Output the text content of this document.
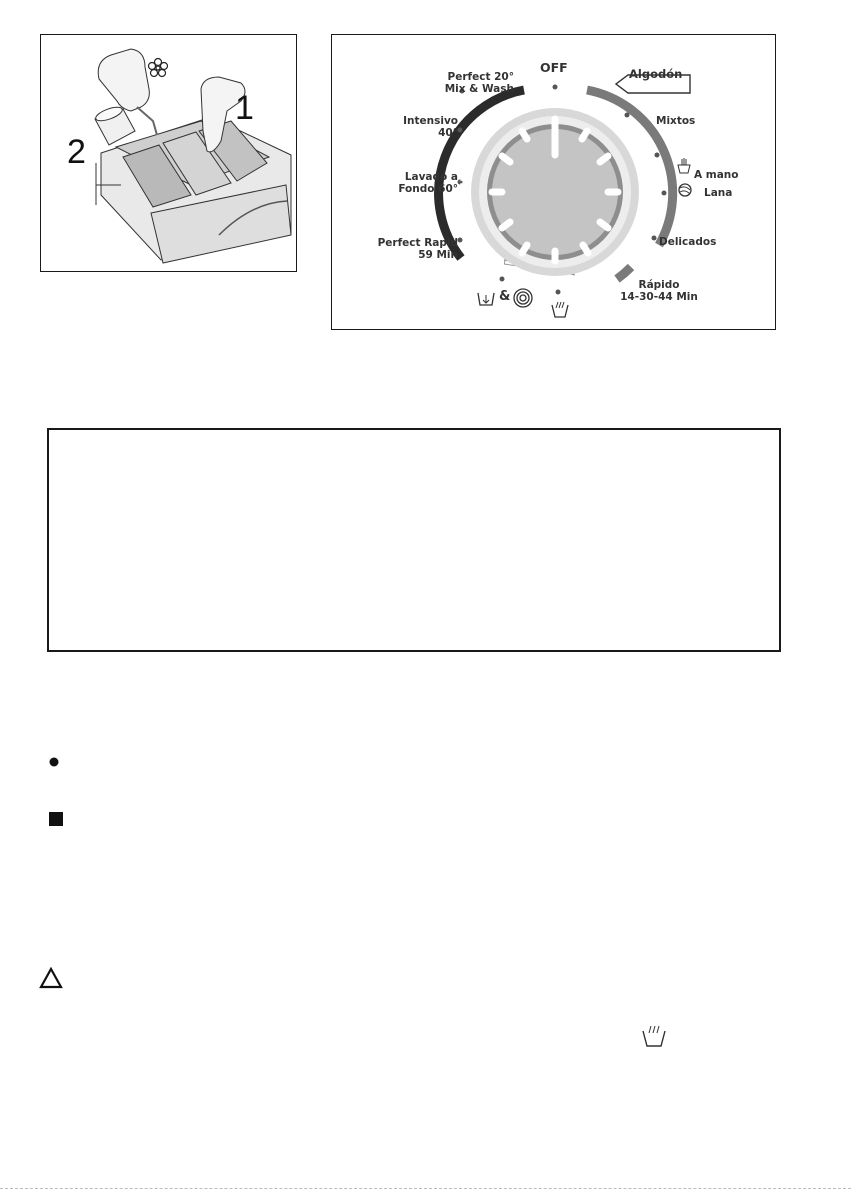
1
2
MIX POWER	TEJIDOS
OFF	Algodón
Perfect 20°
Mix & Wash
Intensivo
40°
Lavado a
Fondo 60°
Perfect Rapid
59 Min
Mixtos
A mano
Lana
Delicados
Rápido
14-30-44 Min
&
